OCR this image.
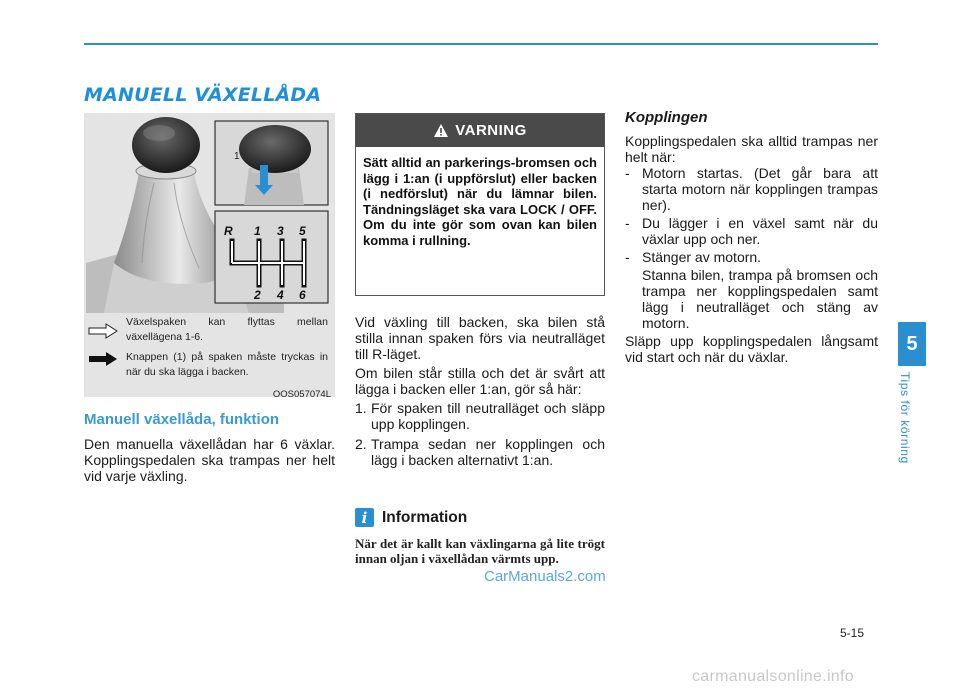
MANUELL VÄXELLÅDA
1
R 1 3 5
2 4 6
Växelspaken kan flyttas mellan växellägena 1-6.
Knappen (1) på spaken måste tryckas in när du ska lägga i backen.
OOS057074L
Manuell växellåda, funktion
Den manuella växellådan har 6 växlar. Kopplingspedalen ska trampas ner helt vid varje växling.
VARNING
Sätt alltid an parkerings-bromsen och lägg i 1:an (i uppförslut) eller backen (i nedförslut) när du lämnar bilen. Tändningsläget ska vara LOCK / OFF. Om du inte gör som ovan kan bilen komma i rullning.

Vid växling till backen, ska bilen stå stilla innan spaken förs via neutralläget till R-läget.

Om bilen står stilla och det är svårt att lägga i backen eller 1:an, gör så här:

1. För spaken till neutralläget och släpp upp kopplingen.
2. Trampa sedan ner kopplingen och lägg i backen alternativt 1:an.
i Information
När det är kallt kan växlingarna gå lite trögt innan oljan i växellådan värmts upp.
CarManuals2.com
Kopplingen

Kopplingspedalen ska alltid trampas ner helt när:

- Motorn startas. (Det går bara att starta motorn när kopplingen trampas ner).
- Du lägger i en växel samt när du växlar upp och ner.
- Stänger av motorn.
Stanna bilen, trampa på bromsen och trampa ner kopplingspedalen samt lägg i neutralläget och stäng av motorn.

Släpp upp kopplingspedalen långsamt vid start och när du växlar.

5
Tips för körning
5-15
carmanualsonline.info
